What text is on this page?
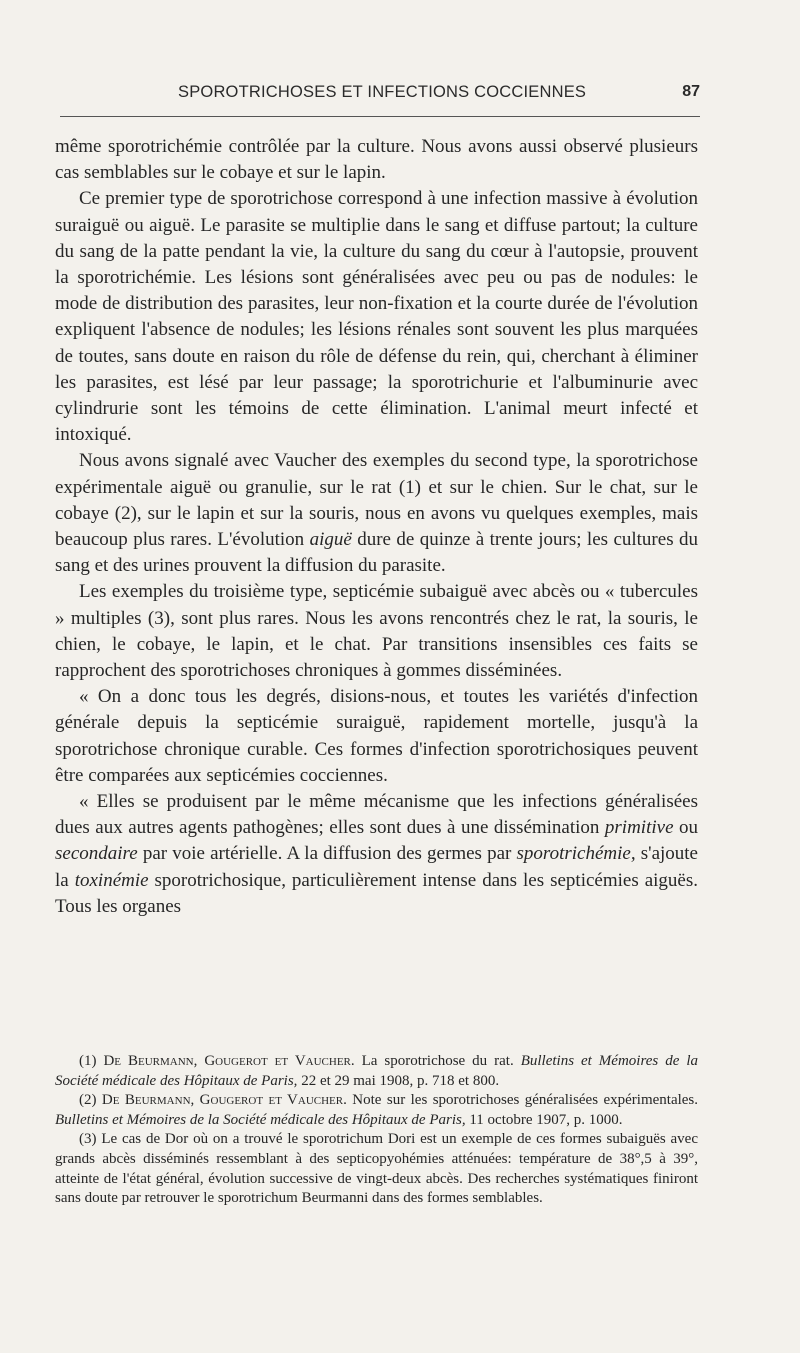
SPOROTRICHOSES ET INFECTIONS COCCIENNES	87

même sporotrichémie contrôlée par la culture. Nous avons aussi observé plusieurs cas semblables sur le cobaye et sur le lapin.

Ce premier type de sporotrichose correspond à une infection massive à évolution suraiguë ou aiguë. Le parasite se multiplie dans le sang et diffuse partout; la culture du sang de la patte pendant la vie, la culture du sang du cœur à l'autopsie, prouvent la sporotrichémie. Les lésions sont généralisées avec peu ou pas de nodules: le mode de distribution des parasites, leur non-fixation et la courte durée de l'évolution expliquent l'absence de nodules; les lésions rénales sont souvent les plus marquées de toutes, sans doute en raison du rôle de défense du rein, qui, cherchant à éliminer les parasites, est lésé par leur passage; la sporotrichurie et l'albuminurie avec cylindrurie sont les témoins de cette élimination. L'animal meurt infecté et intoxiqué.

Nous avons signalé avec Vaucher des exemples du second type, la sporotrichose expérimentale aiguë ou granulie, sur le rat (1) et sur le chien. Sur le chat, sur le cobaye (2), sur le lapin et sur la souris, nous en avons vu quelques exemples, mais beaucoup plus rares. L'évolution aiguë dure de quinze à trente jours; les cultures du sang et des urines prouvent la diffusion du parasite.

Les exemples du troisième type, septicémie subaiguë avec abcès ou « tubercules » multiples (3), sont plus rares. Nous les avons rencontrés chez le rat, la souris, le chien, le cobaye, le lapin, et le chat. Par transitions insensibles ces faits se rapprochent des sporotrichoses chroniques à gommes disséminées.

« On a donc tous les degrés, disions-nous, et toutes les variétés d'infection générale depuis la septicémie suraiguë, rapidement mortelle, jusqu'à la sporotrichose chronique curable. Ces formes d'infection sporotrichosiques peuvent être comparées aux septicémies cocciennes.

« Elles se produisent par le même mécanisme que les infections généralisées dues aux autres agents pathogènes; elles sont dues à une dissémination primitive ou secondaire par voie artérielle. A la diffusion des germes par sporotrichémie, s'ajoute la toxinémie sporotrichosique, particulièrement intense dans les septicémies aiguës. Tous les organes

(1) De Beurmann, Gougerot et Vaucher. La sporotrichose du rat. Bulletins et Mémoires de la Société médicale des Hôpitaux de Paris, 22 et 29 mai 1908, p. 718 et 800.

(2) De Beurmann, Gougerot et Vaucher. Note sur les sporotrichoses généralisées expérimentales. Bulletins et Mémoires de la Société médicale des Hôpitaux de Paris, 11 octobre 1907, p. 1000.

(3) Le cas de Dor où on a trouvé le sporotrichum Dori est un exemple de ces formes subaiguës avec grands abcès disséminés ressemblant à des septicopyohémies atténuées: température de 38°,5 à 39°, atteinte de l'état général, évolution successive de vingt-deux abcès. Des recherches systématiques finiront sans doute par retrouver le sporotrichum Beurmanni dans des formes semblables.
